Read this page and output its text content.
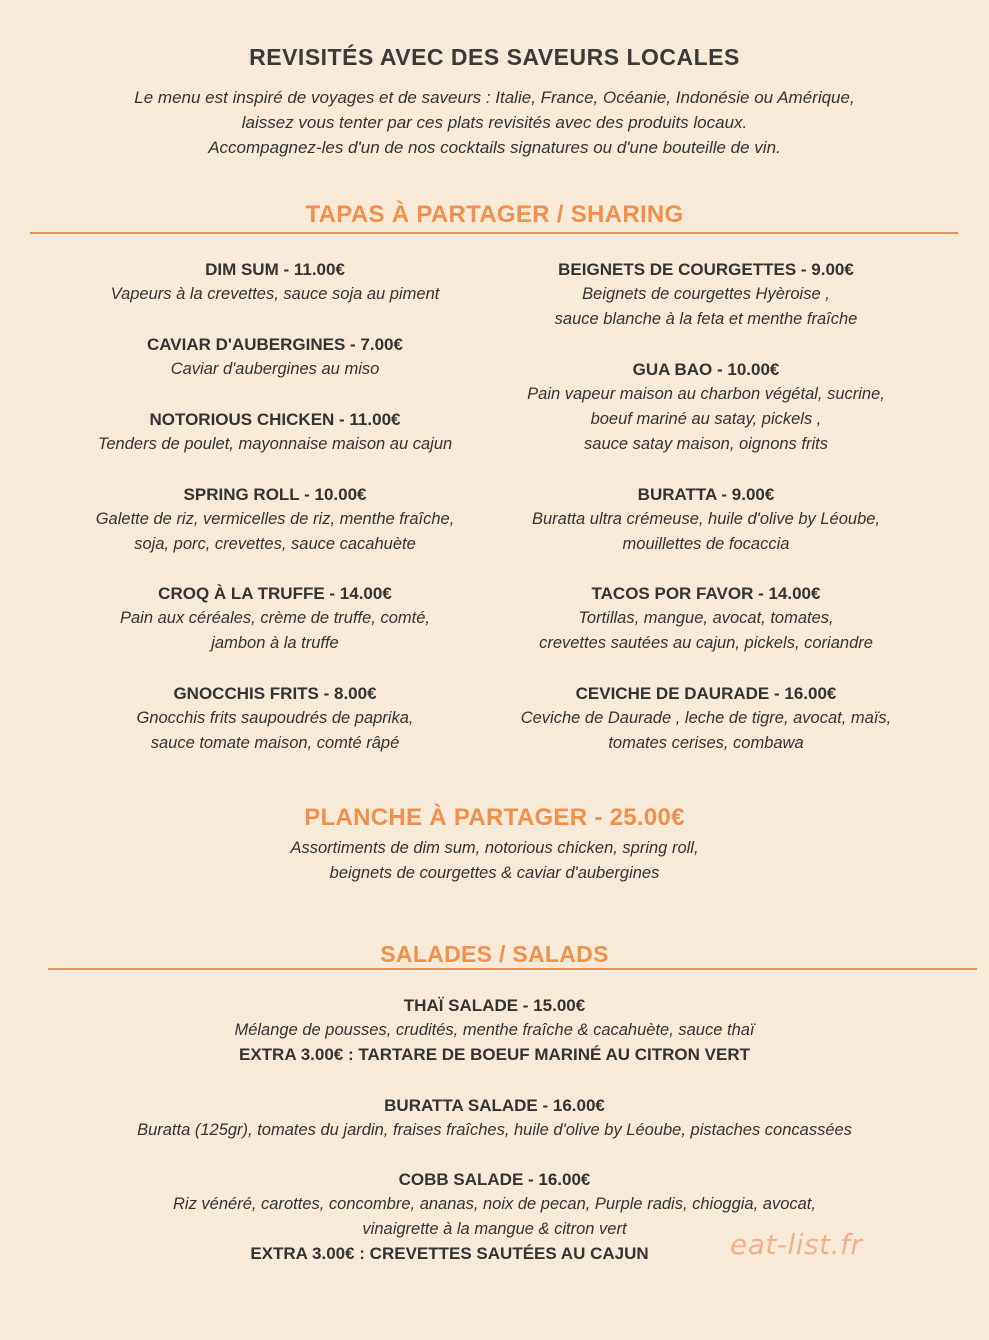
REVISITÉS AVEC DES SAVEURS LOCALES
Le menu est inspiré de voyages et de saveurs : Italie, France, Océanie, Indonésie ou Amérique,
laissez vous tenter par ces plats revisités avec des produits locaux.
Accompagnez-les d'un de nos cocktails signatures ou d'une bouteille de vin.
TAPAS À PARTAGER / SHARING
DIM SUM - 11.00€
Vapeurs à la crevettes, sauce soja au piment
CAVIAR D'AUBERGINES - 7.00€
Caviar d'aubergines au miso
NOTORIOUS CHICKEN - 11.00€
Tenders de poulet, mayonnaise maison au cajun
SPRING ROLL - 10.00€
Galette de riz, vermicelles de riz, menthe fraîche,
soja, porc, crevettes, sauce cacahuète
CROQ À LA TRUFFE - 14.00€
Pain aux céréales, crème de truffe, comté,
jambon à la truffe
GNOCCHIS FRITS - 8.00€
Gnocchis frits saupoudrés de paprika,
sauce tomate maison, comté râpé
BEIGNETS DE COURGETTES - 9.00€
Beignets de courgettes Hyèroise ,
sauce blanche à la feta et menthe fraîche
GUA BAO - 10.00€
Pain vapeur maison au charbon végétal, sucrine,
boeuf mariné au satay, pickels ,
sauce satay maison, oignons frits
BURATTA - 9.00€
Buratta ultra crémeuse, huile d'olive by Léoube,
mouillettes de focaccia
TACOS POR FAVOR - 14.00€
Tortillas, mangue, avocat, tomates,
crevettes sautées au cajun, pickels, coriandre
CEVICHE DE DAURADE - 16.00€
Ceviche de Daurade , leche de tigre, avocat, maïs,
tomates cerises, combawa
PLANCHE À PARTAGER - 25.00€
Assortiments de dim sum, notorious chicken, spring roll,
beignets de courgettes & caviar d'aubergines
SALADES / SALADS
THAÏ SALADE - 15.00€
Mélange de pousses, crudités, menthe fraîche & cacahuète, sauce thaï
EXTRA 3.00€ : TARTARE DE BOEUF MARINÉ AU CITRON VERT
BURATTA SALADE - 16.00€
Buratta (125gr), tomates du jardin, fraises fraîches, huile d'olive by Léoube, pistaches concassées
COBB SALADE - 16.00€
Riz vénéré, carottes, concombre, ananas, noix de pecan, Purple radis, chioggia, avocat,
vinaigrette à la mangue & citron vert
EXTRA 3.00€ : CREVETTES SAUTÉES AU CAJUN	eat-list.fr
